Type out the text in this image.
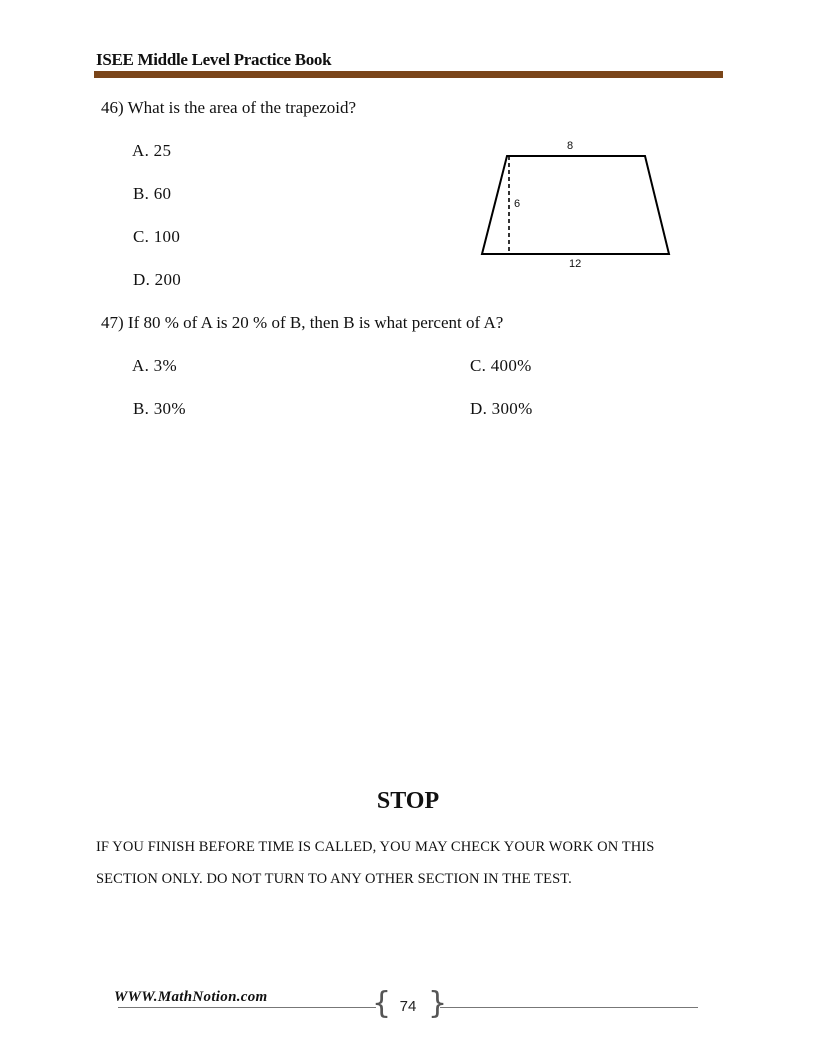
ISEE Middle Level Practice Book
46) What is the area of the trapezoid?
A. 25
B. 60
C. 100
D. 200
8
6
12
47) If 80 % of A is 20 % of B, then B is what percent of A?
A. 3%
B. 30%
C. 400%
D. 300%
STOP
IF YOU FINISH BEFORE TIME IS CALLED, YOU MAY CHECK YOUR WORK ON THIS
SECTION ONLY. DO NOT TURN TO ANY OTHER SECTION IN THE TEST.
WWW.MathNotion.com	{ }
74
